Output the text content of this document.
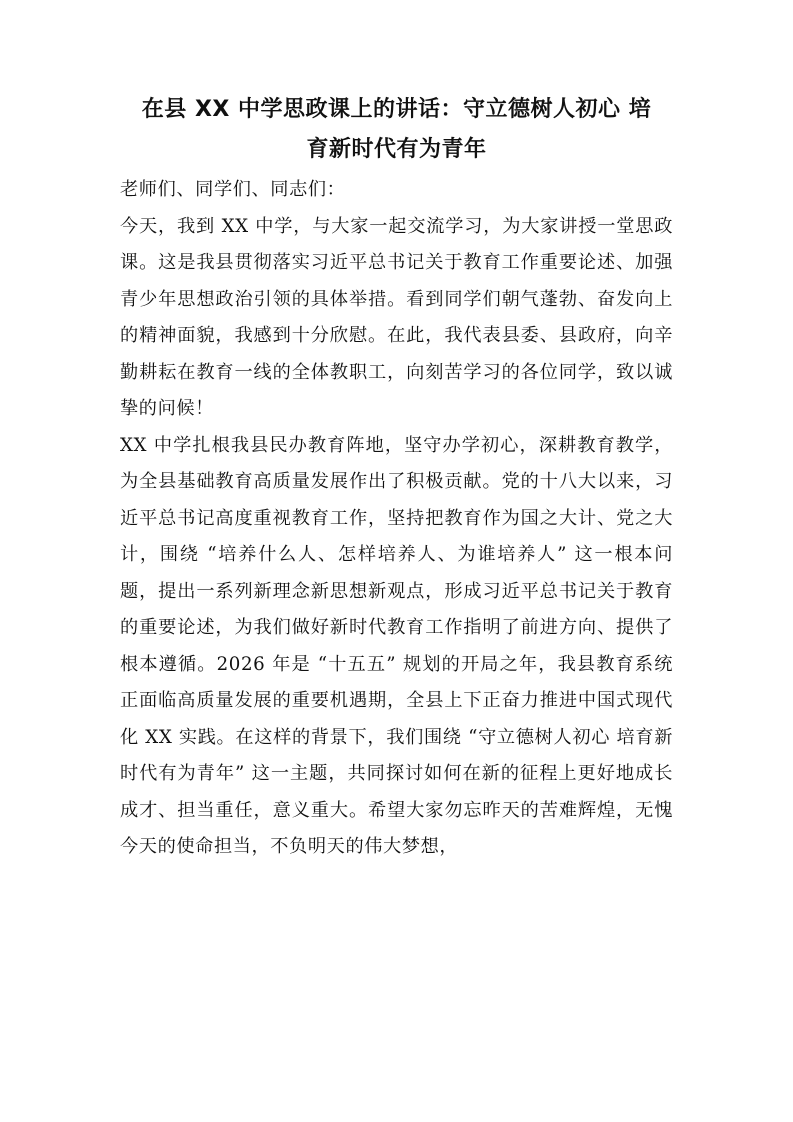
在县 XX 中学思政课上的讲话：守立德树人初心 培
育新时代有为青年

老师们、同学们、同志们：

今天，我到 XX 中学，与大家一起交流学习，为大家讲授一堂思政课。这是我县贯彻落实习近平总书记关于教育工作重要论述、加强青少年思想政治引领的具体举措。看到同学们朝气蓬勃、奋发向上的精神面貌，我感到十分欣慰。在此，我代表县委、县政府，向辛勤耕耘在教育一线的全体教职工，向刻苦学习的各位同学，致以诚挚的问候！

XX 中学扎根我县民办教育阵地，坚守办学初心，深耕教育教学，为全县基础教育高质量发展作出了积极贡献。党的十八大以来，习近平总书记高度重视教育工作，坚持把教育作为国之大计、党之大计，围绕 “培养什么人、怎样培养人、为谁培养人” 这一根本问题，提出一系列新理念新思想新观点，形成习近平总书记关于教育的重要论述，为我们做好新时代教育工作指明了前进方向、提供了根本遵循。2026 年是 “十五五” 规划的开局之年，我县教育系统正面临高质量发展的重要机遇期，全县上下正奋力推进中国式现代化 XX 实践。在这样的背景下，我们围绕 “守立德树人初心 培育新时代有为青年” 这一主题，共同探讨如何在新的征程上更好地成长成才、担当重任，意义重大。希望大家勿忘昨天的苦难辉煌，无愧今天的使命担当，不负明天的伟大梦想，
